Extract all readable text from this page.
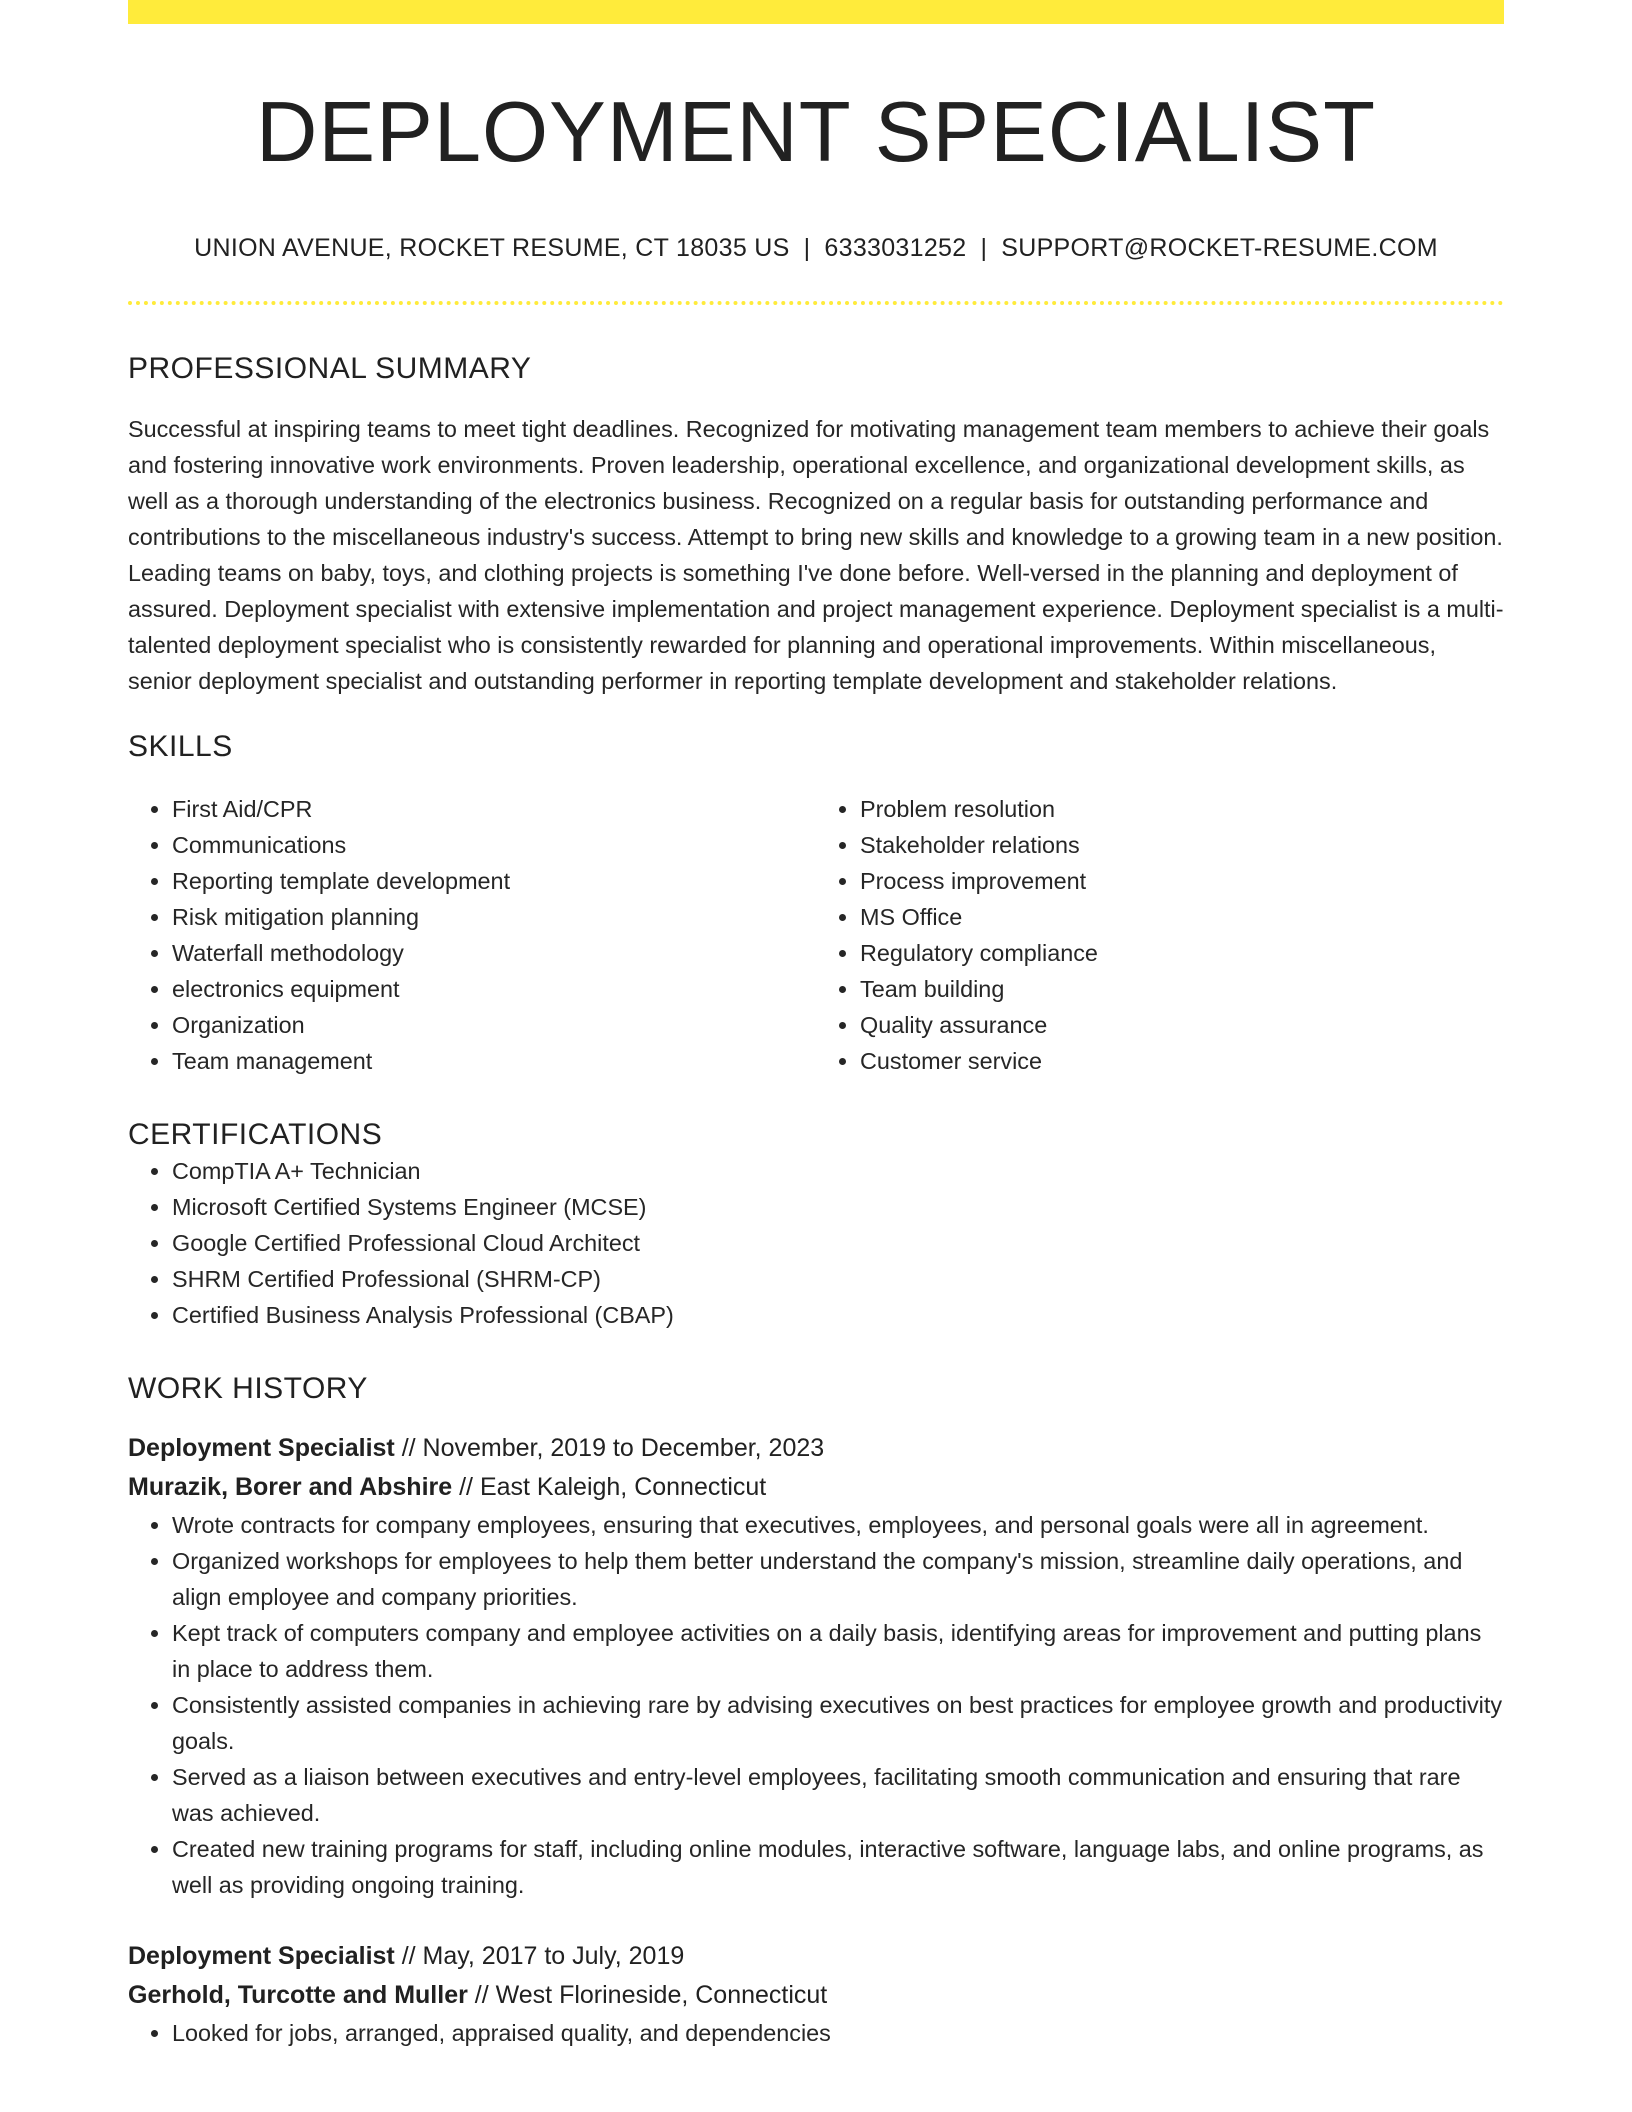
DEPLOYMENT SPECIALIST
UNION AVENUE, ROCKET RESUME, CT 18035 US | 6333031252 | SUPPORT@ROCKET-RESUME.COM
PROFESSIONAL SUMMARY

Successful at inspiring teams to meet tight deadlines. Recognized for motivating management team members to achieve their goals and fostering innovative work environments. Proven leadership, operational excellence, and organizational development skills, as well as a thorough understanding of the electronics business. Recognized on a regular basis for outstanding performance and contributions to the miscellaneous industry's success. Attempt to bring new skills and knowledge to a growing team in a new position. Leading teams on baby, toys, and clothing projects is something I've done before. Well-versed in the planning and deployment of assured. Deployment specialist with extensive implementation and project management experience. Deployment specialist is a multi-talented deployment specialist who is consistently rewarded for planning and operational improvements. Within miscellaneous, senior deployment specialist and outstanding performer in reporting template development and stakeholder relations.

SKILLS
• First Aid/CPR
• Communications
• Reporting template development
• Risk mitigation planning
• Waterfall methodology
• electronics equipment
• Organization
• Team management
• Problem resolution
• Stakeholder relations
• Process improvement
• MS Office
• Regulatory compliance
• Team building
• Quality assurance
• Customer service
CERTIFICATIONS
• CompTIA A+ Technician
• Microsoft Certified Systems Engineer (MCSE)
• Google Certified Professional Cloud Architect
• SHRM Certified Professional (SHRM-CP)
• Certified Business Analysis Professional (CBAP)
WORK HISTORY
Deployment Specialist // November, 2019 to December, 2023
Murazik, Borer and Abshire // East Kaleigh, Connecticut
• Wrote contracts for company employees, ensuring that executives, employees, and personal goals were all in agreement.
• Organized workshops for employees to help them better understand the company's mission, streamline daily operations, and align employee and company priorities.
• Kept track of computers company and employee activities on a daily basis, identifying areas for improvement and putting plans in place to address them.
• Consistently assisted companies in achieving rare by advising executives on best practices for employee growth and productivity goals.
• Served as a liaison between executives and entry-level employees, facilitating smooth communication and ensuring that rare was achieved.
• Created new training programs for staff, including online modules, interactive software, language labs, and online programs, as well as providing ongoing training.
Deployment Specialist // May, 2017 to July, 2019
Gerhold, Turcotte and Muller // West Florineside, Connecticut
• Looked for jobs, arranged, appraised quality, and dependencies
